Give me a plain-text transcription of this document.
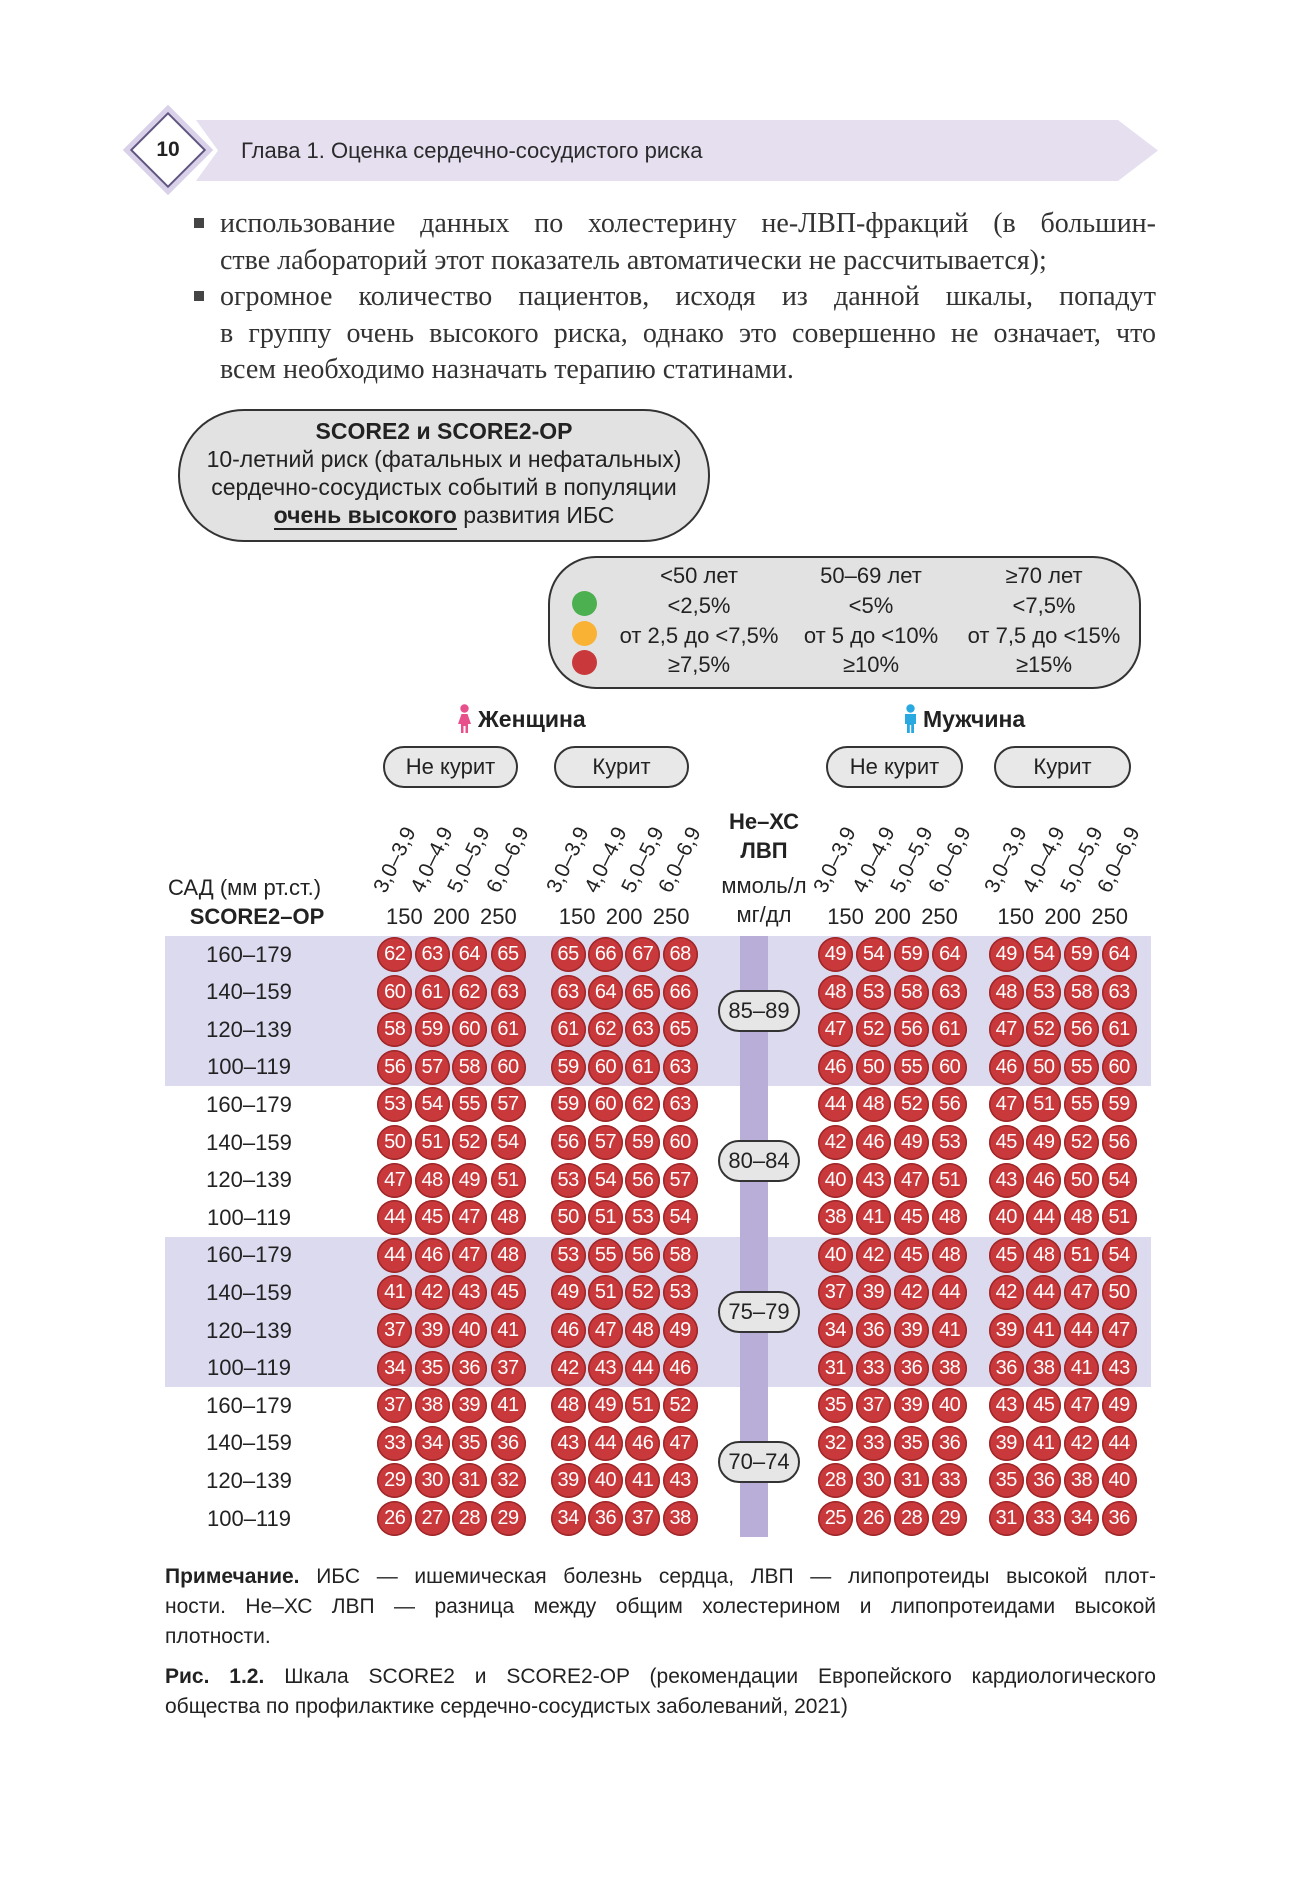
10	Глава 1. Оценка сердечно-сосудистого риска
использование данных по холестерину не-ЛВП-фракций (в большин-
стве лабораторий этот показатель автоматически не рассчитывается);
огромное количество пациентов, исходя из данной шкалы, попадут
в группу очень высокого риска, однако это совершенно не означает, что
всем необходимо назначать терапию статинами.
SCORE2 и SCORE2-OP
10-летний риск (фатальных и нефатальных)
сердечно-сосудистых событий в популяции
очень высокого развития ИБС
<50 лет	50–69 лет	≥70 лет
<2,5%	<5%	<7,5%
от 2,5 до <7,5%	от 5 до <10%	от 7,5 до <15%
≥7,5%	≥10%	≥15%
Женщина	Мужчина
Не курит	Курит	Не курит	Курит
Не–ХС
ЛВП
ммоль/л
мг/дл
САД (мм рт.ст.)
SCORE2–OP
3,0–3,9
4,0–4,9
5,0–5,9
6,0–6,9 3,0–3,9
4,0–4,9
5,0–5,9
6,0–6,9	3,0–3,9
4,0–4,9
5,0–5,9
6,0–6,9 3,0–3,9
4,0–4,9
5,0–5,9
6,0–6,9
150 200 250	150 200 250	150 200 250	150 200 250
85–89
160–179	62 63 64 65	65 66 67 68	49 54 59 64	49 54 59 64
140–159	60 61 62 63	63 64 65 66	48 53 58 63	48 53 58 63
120–139	58 59 60 61	61 62 63 65	47 52 56 61	47 52 56 61
100–119	56 57 58 60	59 60 61 63	46 50 55 60	46 50 55 60
80–84
160–179	53 54 55 57	59 60 62 63	44 48 52 56	47 51 55 59
140–159	50 51 52 54	56 57 59 60	42 46 49 53	45 49 52 56
120–139	47 48 49 51	53 54 56 57	40 43 47 51	43 46 50 54
100–119	44 45 47 48	50 51 53 54	38 41 45 48	40 44 48 51
75–79
160–179	44 46 47 48	53 55 56 58	40 42 45 48	45 48 51 54
140–159	41 42 43 45	49 51 52 53	37 39 42 44	42 44 47 50
120–139	37 39 40 41	46 47 48 49	34 36 39 41	39 41 44 47
100–119	34 35 36 37	42 43 44 46	31 33 36 38	36 38 41 43
70–74
160–179	37 38 39 41	48 49 51 52	35 37 39 40	43 45 47 49
140–159	33 34 35 36	43 44 46 47	32 33 35 36	39 41 42 44
120–139	29 30 31 32	39 40 41 43	28 30 31 33	35 36 38 40
100–119	26 27 28 29	34 36 37 38	25 26 28 29	31 33 34 36
Примечание. ИБС — ишемическая болезнь сердца, ЛВП — липопротеиды высокой плот-
ности. Не–ХС ЛВП — разница между общим холестерином и липопротеидами высокой
плотности.
Рис. 1.2. Шкала SCORE2 и SCORE2-OP (рекомендации Европейского кардиологического
общества по профилактике сердечно-сосудистых заболеваний, 2021)
